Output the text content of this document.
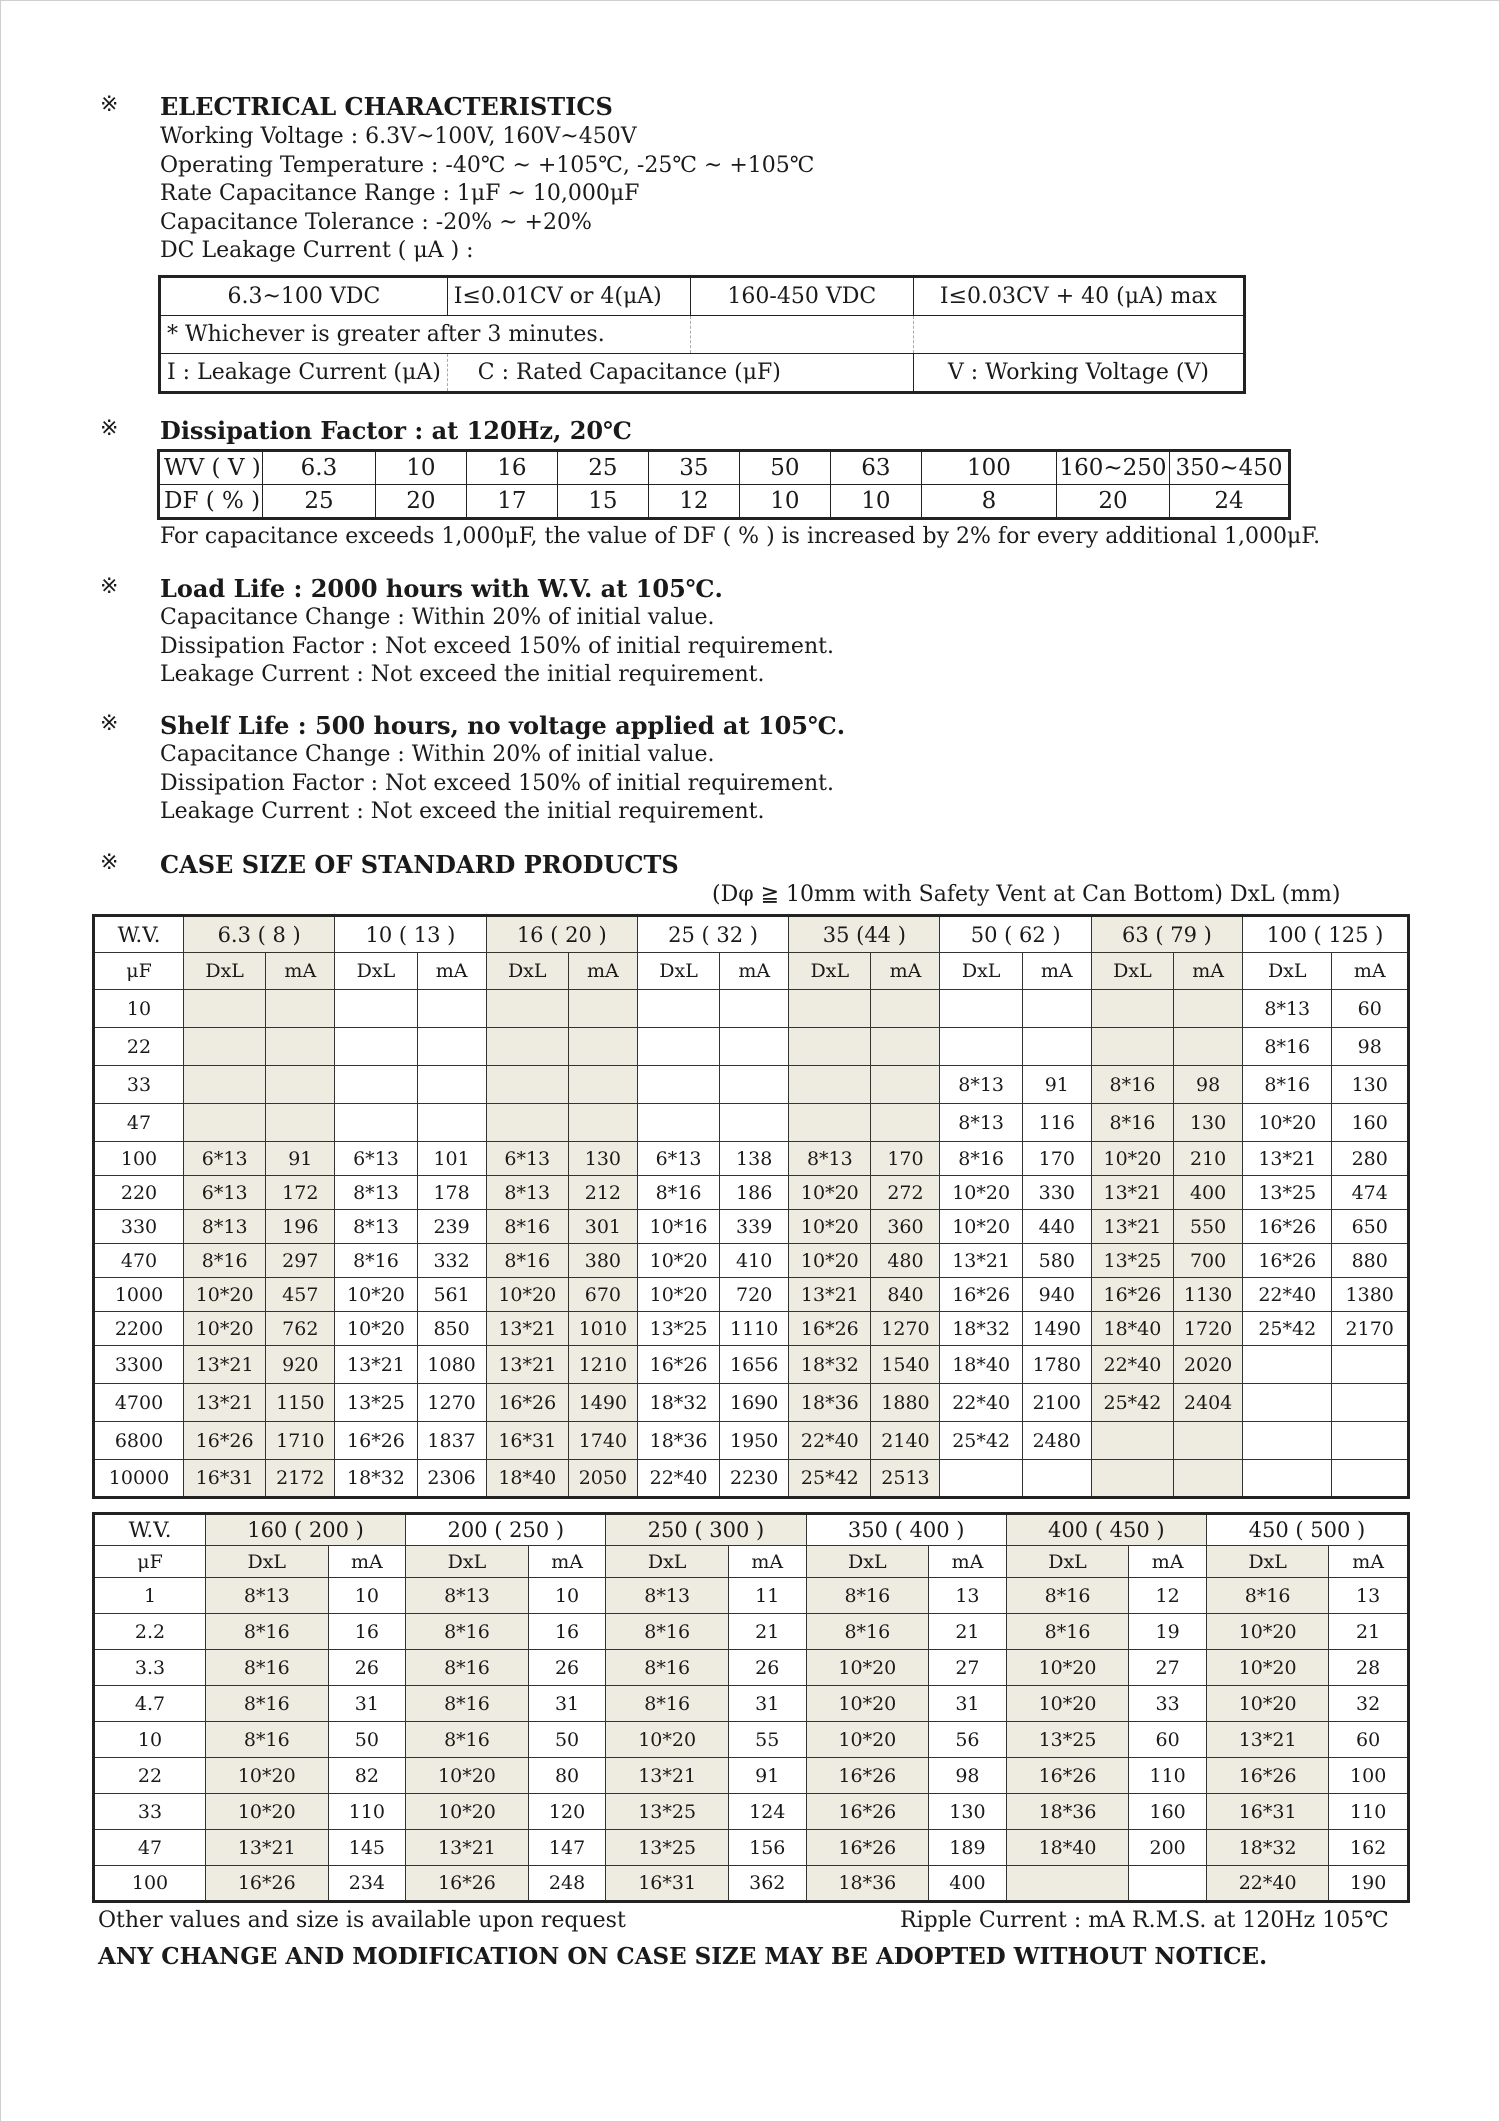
※ ELECTRICAL CHARACTERISTICS
Working Voltage : 6.3V~100V, 160V~450V
Operating Temperature : -40℃ ~ +105℃, -25℃ ~ +105℃
Rate Capacitance Range : 1μF ~ 10,000μF
Capacitance Tolerance : -20% ~ +20%
DC Leakage Current ( μA ) :
6.3~100 VDC	I≤0.01CV or 4(μA)	160-450 VDC	I≤0.03CV + 40 (μA) max
* Whichever is greater after 3 minutes.			
I : Leakage Current (μA)	C : Rated Capacitance (μF)		V : Working Voltage (V)
※ Dissipation Factor : at 120Hz, 20℃
WV ( V )	6.3	10	16	25	35	50	63	100	160~250	350~450
DF ( % )	25	20	17	15	12	10	10	8	20	24
For capacitance exceeds 1,000μF, the value of DF ( % ) is increased by 2% for every additional 1,000μF.
※ Load Life : 2000 hours with W.V. at 105℃.
Capacitance Change : Within 20% of initial value.
Dissipation Factor : Not exceed 150% of initial requirement.
Leakage Current : Not exceed the initial requirement.
※ Shelf Life : 500 hours, no voltage applied at 105℃.
Capacitance Change : Within 20% of initial value.
Dissipation Factor : Not exceed 150% of initial requirement.
Leakage Current : Not exceed the initial requirement.
※ CASE SIZE OF STANDARD PRODUCTS
(Dφ ≧ 10mm with Safety Vent at Can Bottom) DxL (mm)
W.V.	6.3 ( 8 )		10 ( 13 )		16 ( 20 )		25 ( 32 )		35 (44 )		50 ( 62 )		63 ( 79 )		100 ( 125 )	
μF	DxL	mA	DxL	mA	DxL	mA	DxL	mA	DxL	mA	DxL	mA	DxL	mA	DxL	mA
10															8*13	60
22															8*16	98
33											8*13	91	8*16	98	8*16	130
47											8*13	116	8*16	130	10*20	160
100	6*13	91	6*13	101	6*13	130	6*13	138	8*13	170	8*16	170	10*20	210	13*21	280
220	6*13	172	8*13	178	8*13	212	8*16	186	10*20	272	10*20	330	13*21	400	13*25	474
330	8*13	196	8*13	239	8*16	301	10*16	339	10*20	360	10*20	440	13*21	550	16*26	650
470	8*16	297	8*16	332	8*16	380	10*20	410	10*20	480	13*21	580	13*25	700	16*26	880
1000	10*20	457	10*20	561	10*20	670	10*20	720	13*21	840	16*26	940	16*26	1130	22*40	1380
2200	10*20	762	10*20	850	13*21	1010	13*25	1110	16*26	1270	18*32	1490	18*40	1720	25*42	2170
3300	13*21	920	13*21	1080	13*21	1210	16*26	1656	18*32	1540	18*40	1780	22*40	2020		
4700	13*21	1150	13*25	1270	16*26	1490	18*32	1690	18*36	1880	22*40	2100	25*42	2404		
6800	16*26	1710	16*26	1837	16*31	1740	18*36	1950	22*40	2140	25*42	2480				
10000	16*31	2172	18*32	2306	18*40	2050	22*40	2230	25*42	2513						
W.V.	160 ( 200 )		200 ( 250 )		250 ( 300 )		350 ( 400 )		400 ( 450 )		450 ( 500 )	
μF	DxL	mA	DxL	mA	DxL	mA	DxL	mA	DxL	mA	DxL	mA
1	8*13	10	8*13	10	8*13	11	8*16	13	8*16	12	8*16	13
2.2	8*16	16	8*16	16	8*16	21	8*16	21	8*16	19	10*20	21
3.3	8*16	26	8*16	26	8*16	26	10*20	27	10*20	27	10*20	28
4.7	8*16	31	8*16	31	8*16	31	10*20	31	10*20	33	10*20	32
10	8*16	50	8*16	50	10*20	55	10*20	56	13*25	60	13*21	60
22	10*20	82	10*20	80	13*21	91	16*26	98	16*26	110	16*26	100
33	10*20	110	10*20	120	13*25	124	16*26	130	18*36	160	16*31	110
47	13*21	145	13*21	147	13*25	156	16*26	189	18*40	200	18*32	162
100	16*26	234	16*26	248	16*31	362	18*36	400			22*40	190
Other values and size is available upon request	Ripple Current : mA R.M.S. at 120Hz 105℃
ANY CHANGE AND MODIFICATION ON CASE SIZE MAY BE ADOPTED WITHOUT NOTICE.
